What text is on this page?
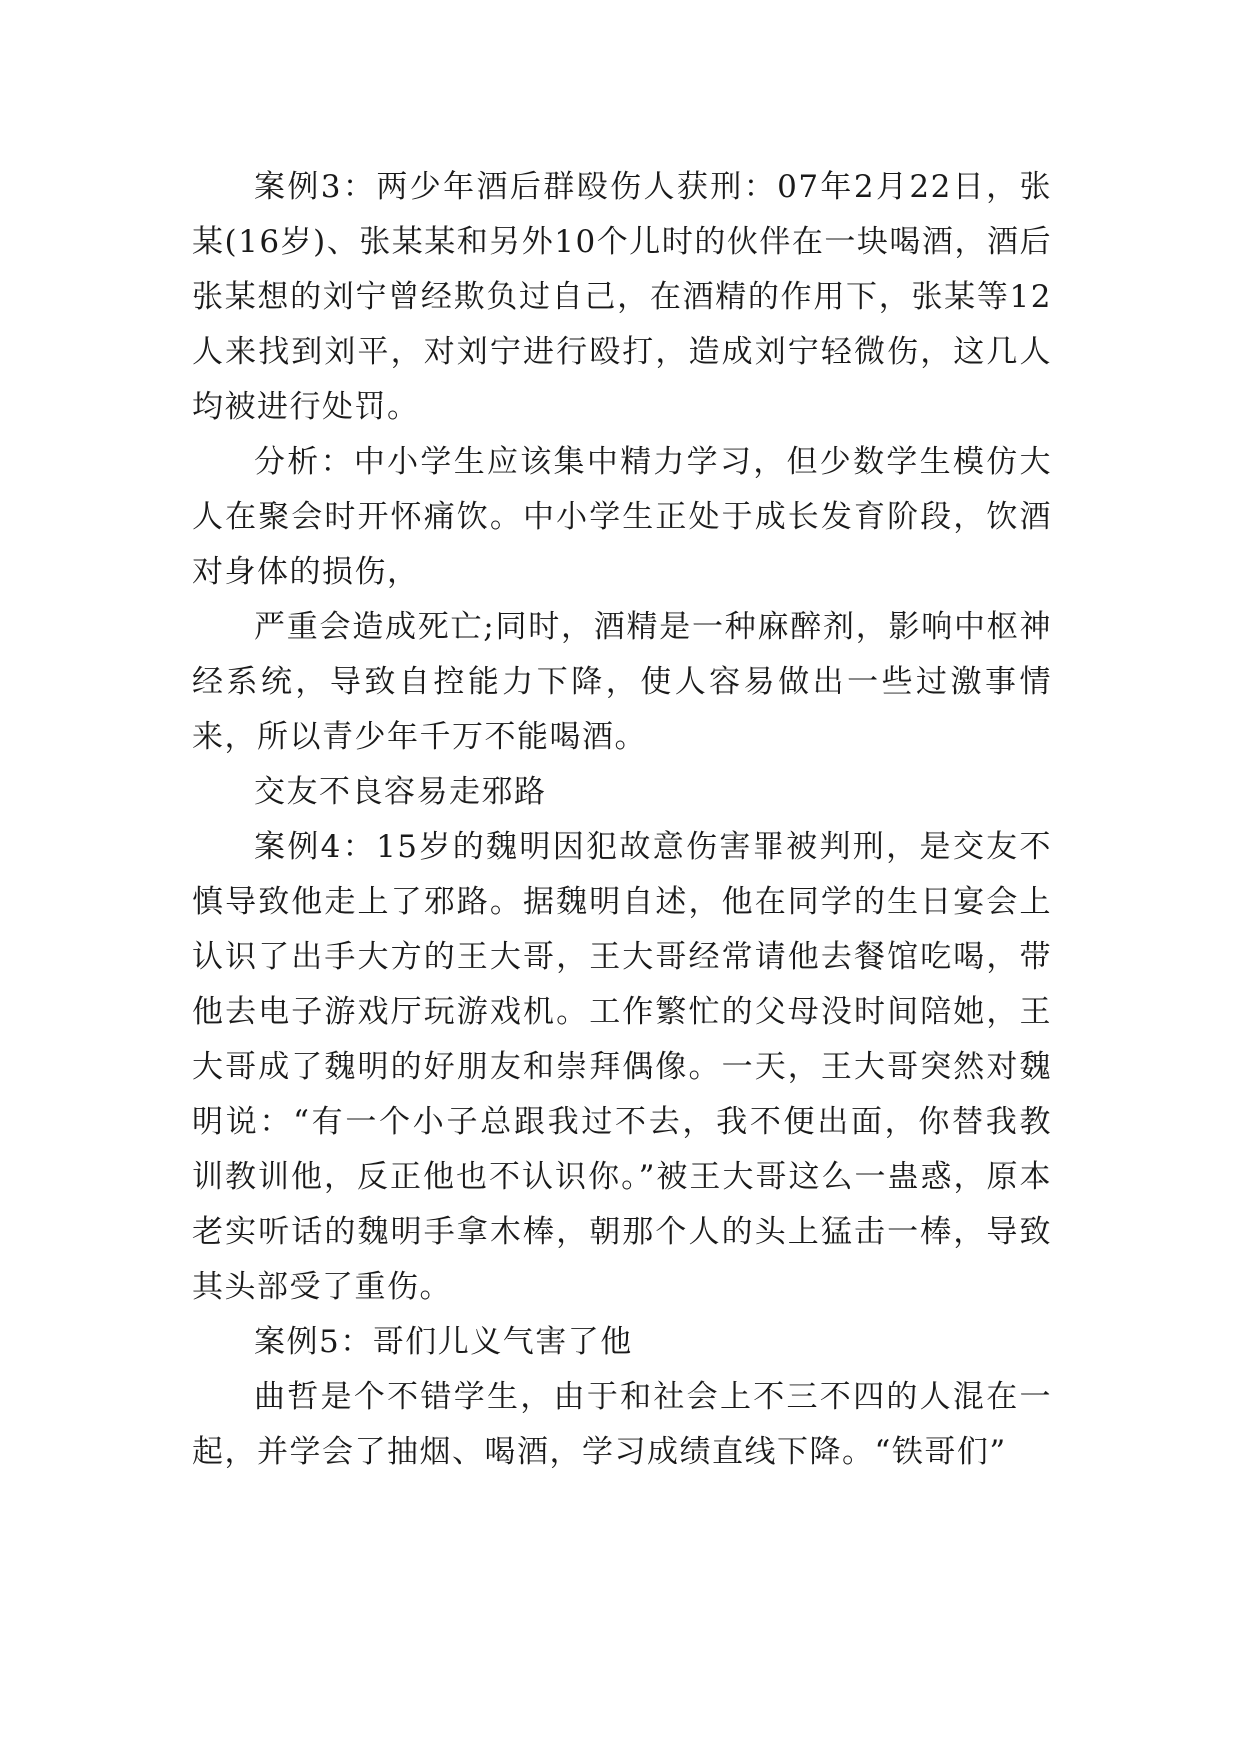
案例3：两少年酒后群殴伤人获刑：07年2月22日，张某(16岁)、张某某和另外10个儿时的伙伴在一块喝酒，酒后张某想的刘宁曾经欺负过自己，在酒精的作用下，张某等12人来找到刘平，对刘宁进行殴打，造成刘宁轻微伤，这几人均被进行处罚。

分析：中小学生应该集中精力学习，但少数学生模仿大人在聚会时开怀痛饮。中小学生正处于成长发育阶段，饮酒对身体的损伤，

严重会造成死亡;同时，酒精是一种麻醉剂，影响中枢神经系统，导致自控能力下降，使人容易做出一些过激事情来，所以青少年千万不能喝酒。

交友不良容易走邪路

案例4：15岁的魏明因犯故意伤害罪被判刑，是交友不慎导致他走上了邪路。据魏明自述，他在同学的生日宴会上认识了出手大方的王大哥，王大哥经常请他去餐馆吃喝，带他去电子游戏厅玩游戏机。工作繁忙的父母没时间陪她，王大哥成了魏明的好朋友和崇拜偶像。一天，王大哥突然对魏明说：“有一个小子总跟我过不去，我不便出面，你替我教训教训他，反正他也不认识你。”被王大哥这么一蛊惑，原本老实听话的魏明手拿木棒，朝那个人的头上猛击一棒，导致其头部受了重伤。

案例5：哥们儿义气害了他

曲哲是个不错学生，由于和社会上不三不四的人混在一起，并学会了抽烟、喝酒，学习成绩直线下降。“铁哥们”
